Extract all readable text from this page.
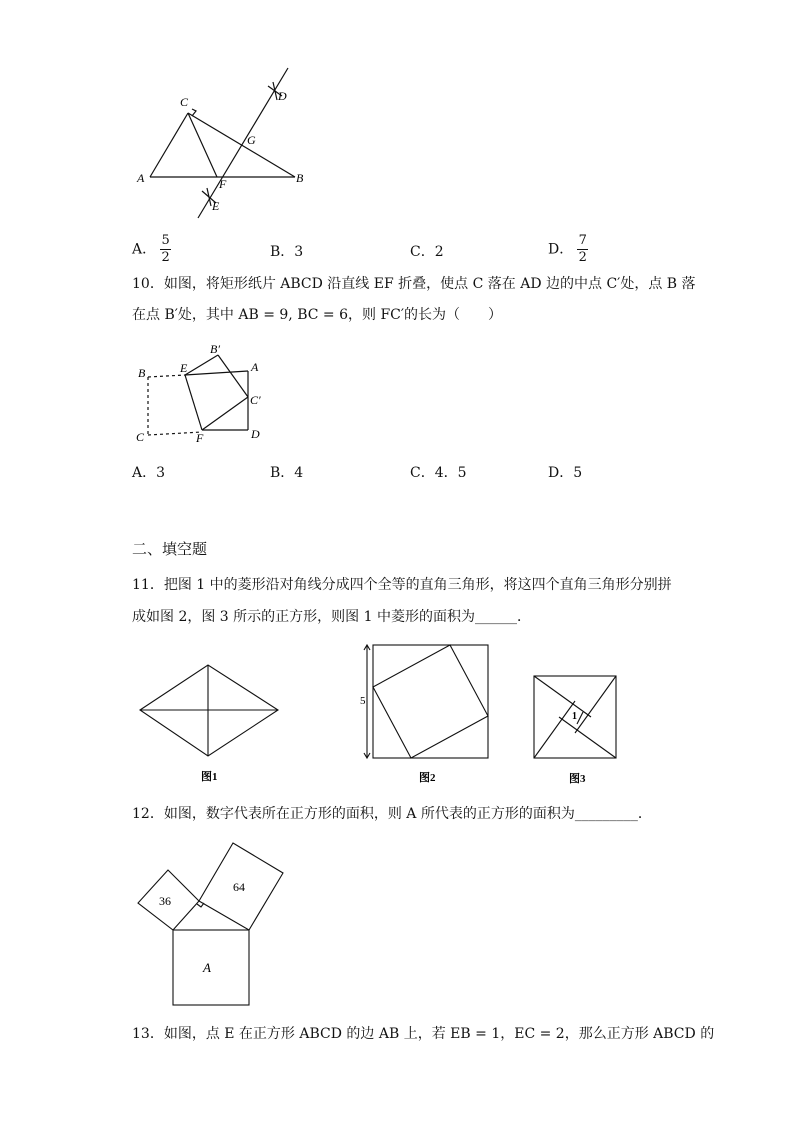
C	D
G
A	F	B
E
A． $\frac{5}{2}$	B．3	C．2	D． $\frac{7}{2}$
10．如图，将矩形纸片 ABCD 沿直线 EF 折叠，使点 C 落在 AD 边的中点 C′处，点 B 落
在点 B′处，其中 AB = 9, BC = 6，则 FC′的长为（　　）
B′
B	E	A
C′
C	F	D
A．3	B．4	C．4．5	D．5
二、填空题
11．把图 1 中的菱形沿对角线分成四个全等的直角三角形，将这四个直角三角形分别拼
成如图 2，图 3 所示的正方形，则图 1 中菱形的面积为______．
图1
5
图2
1
图3
12．如图，数字代表所在正方形的面积，则 A 所代表的正方形的面积为_________．
36
64
A
13．如图，点 E 在正方形 ABCD 的边 AB 上，若 EB = 1，EC = 2，那么正方形 ABCD 的
